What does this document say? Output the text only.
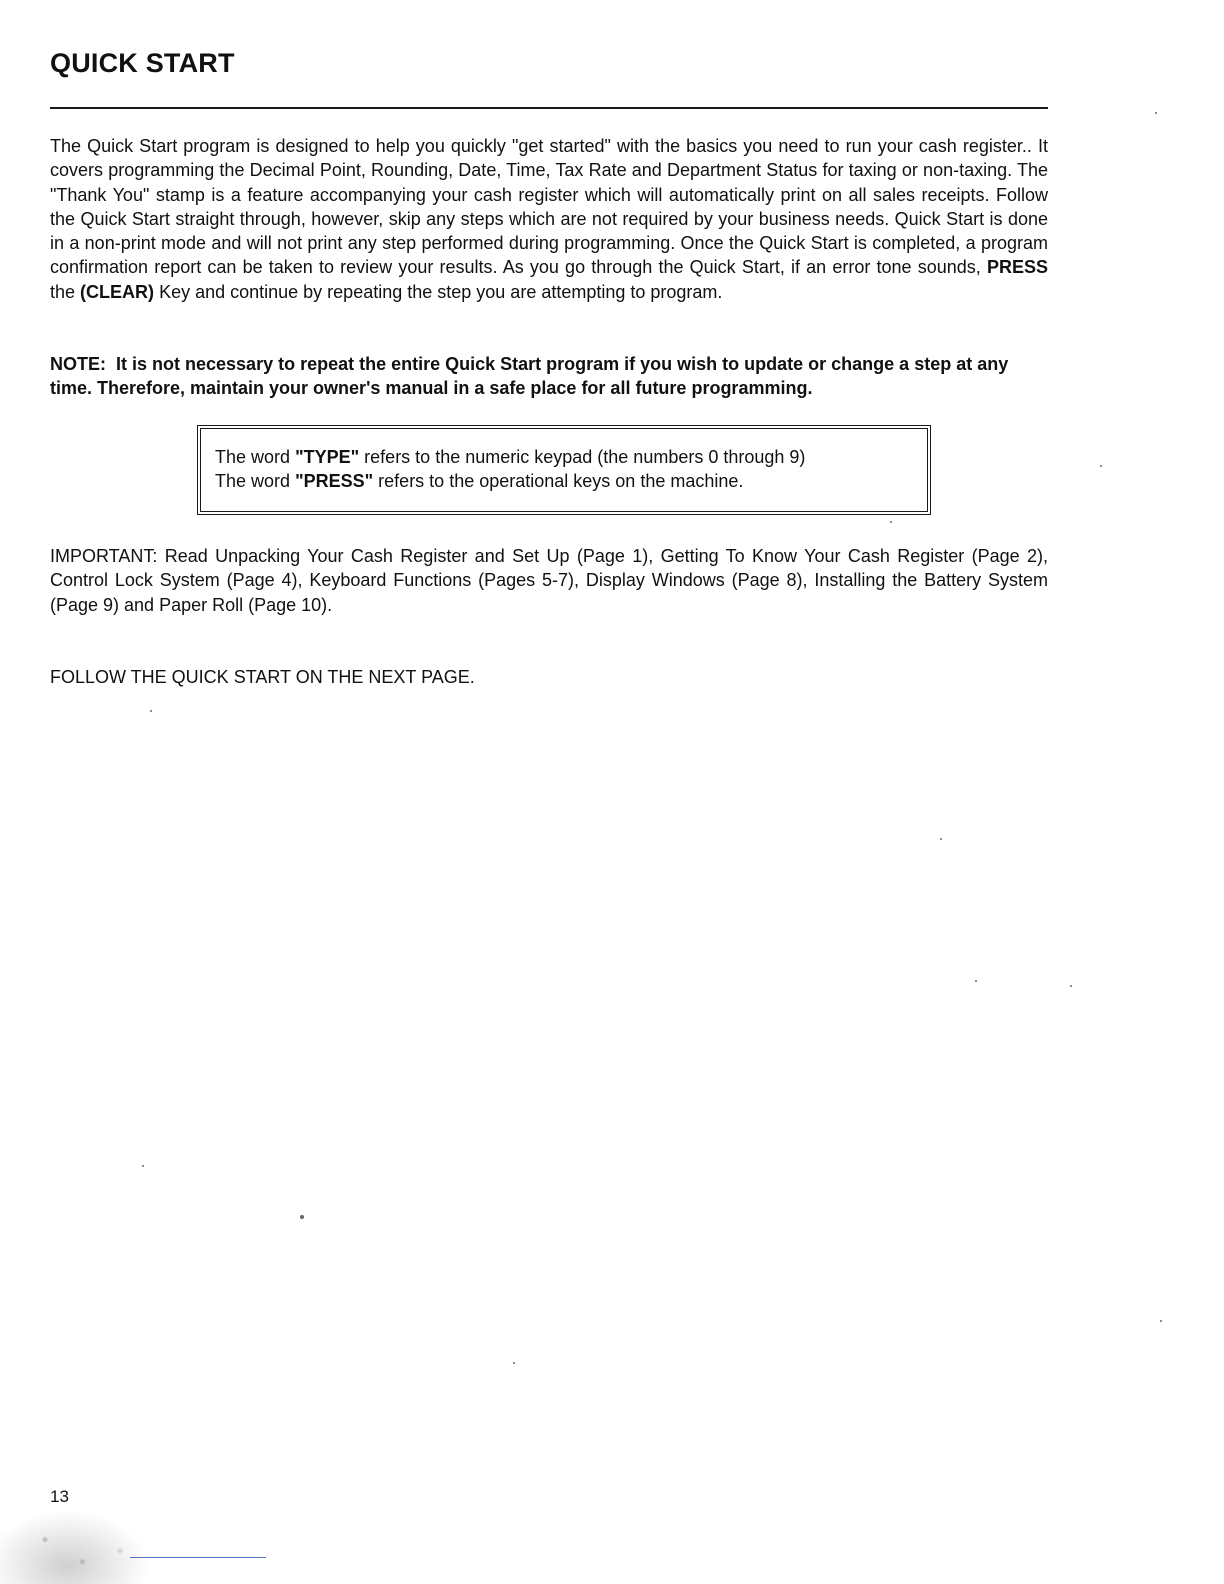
QUICK START

The Quick Start program is designed to help you quickly "get started" with the basics you need to run your cash register.. It covers programming the Decimal Point, Rounding, Date, Time, Tax Rate and Department Status for taxing or non-taxing. The "Thank You" stamp is a feature accompanying your cash register which will automatically print on all sales receipts. Follow the Quick Start straight through, however, skip any steps which are not required by your business needs. Quick Start is done in a non-print mode and will not print any step performed during programming. Once the Quick Start is completed, a program confirmation report can be taken to review your results. As you go through the Quick Start, if an error tone sounds, PRESS the (CLEAR) Key and continue by repeating the step you are attempting to program.

NOTE: It is not necessary to repeat the entire Quick Start program if you wish to update or change a step at any time. Therefore, maintain your owner's manual in a safe place for all future programming.

The word "TYPE" refers to the numeric keypad (the numbers 0 through 9)
The word "PRESS" refers to the operational keys on the machine.

IMPORTANT: Read Unpacking Your Cash Register and Set Up (Page 1), Getting To Know Your Cash Register (Page 2), Control Lock System (Page 4), Keyboard Functions (Pages 5-7), Display Windows (Page 8), Installing the Battery System (Page 9) and Paper Roll (Page 10).

FOLLOW THE QUICK START ON THE NEXT PAGE.

13
